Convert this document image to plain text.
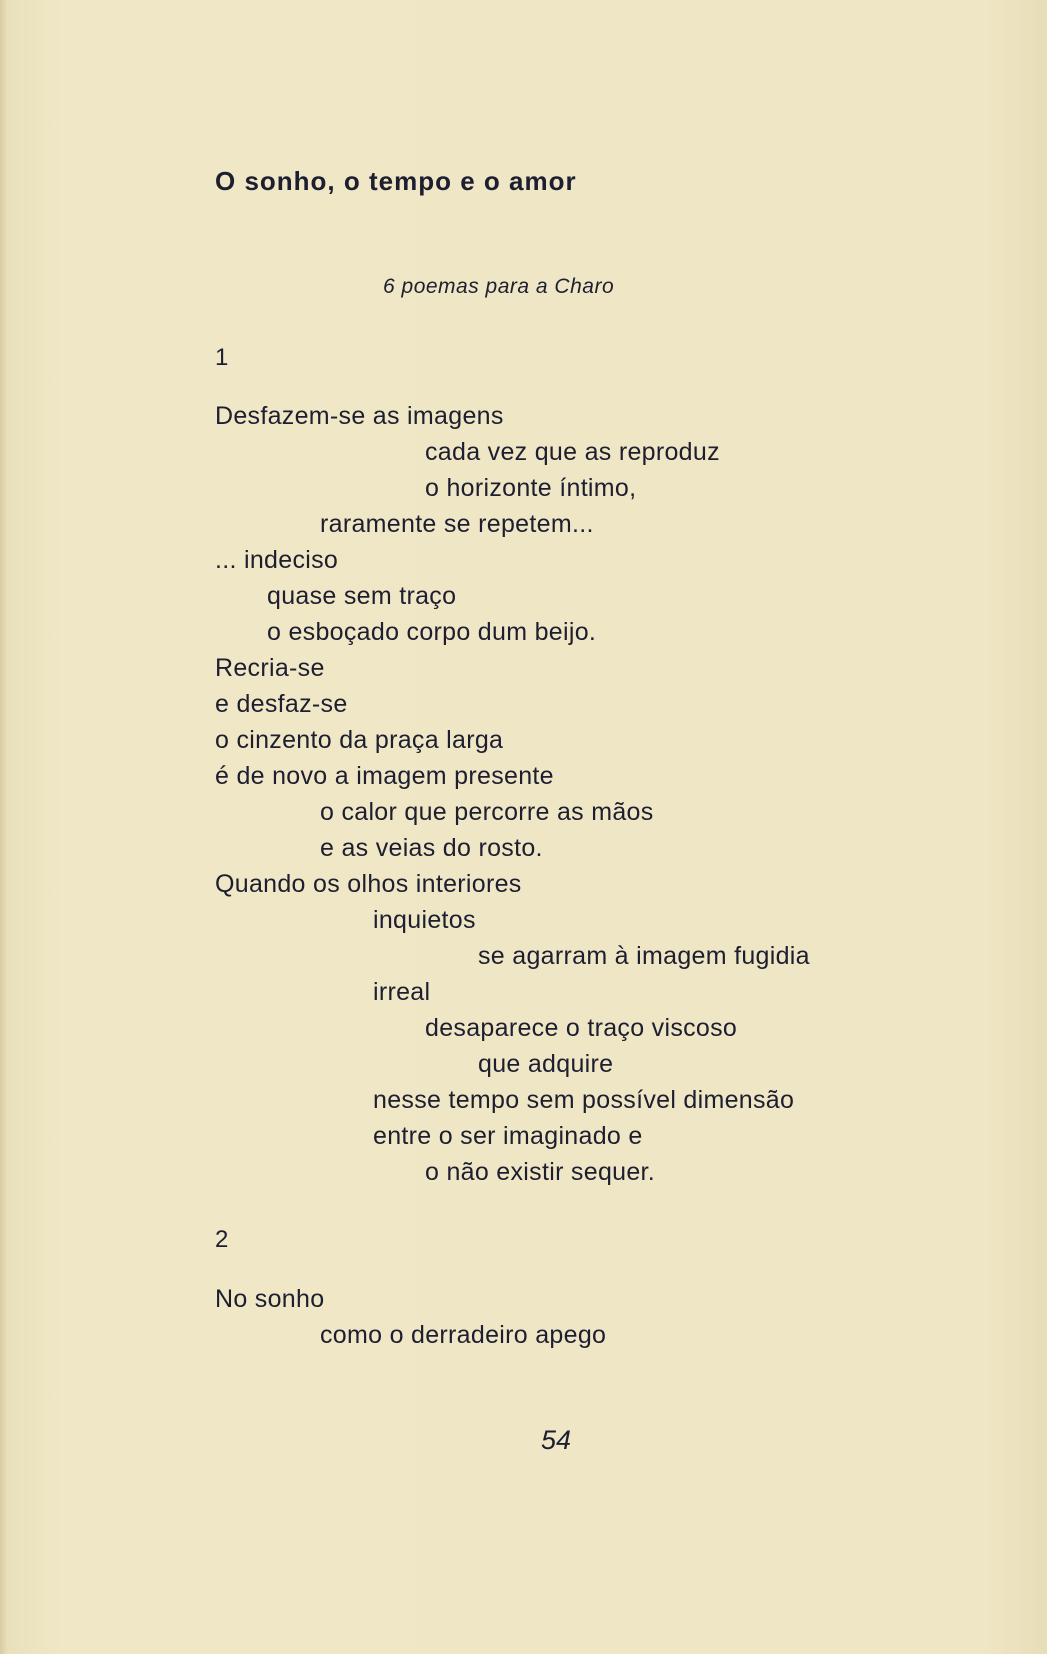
O sonho, o tempo e o amor
6 poemas para a Charo
1
Desfazem-se as imagens
cada vez que as reproduz
o horizonte íntimo,
raramente se repetem...
... indeciso
quase sem traço
o esboçado corpo dum beijo.
Recria-se
e desfaz-se
o cinzento da praça larga
é de novo a imagem presente
o calor que percorre as mãos
e as veias do rosto.
Quando os olhos interiores
inquietos
se agarram à imagem fugidia
irreal
desaparece o traço viscoso
que adquire
nesse tempo sem possível dimensão
entre o ser imaginado e
o não existir sequer.
2
No sonho
como o derradeiro apego
54
